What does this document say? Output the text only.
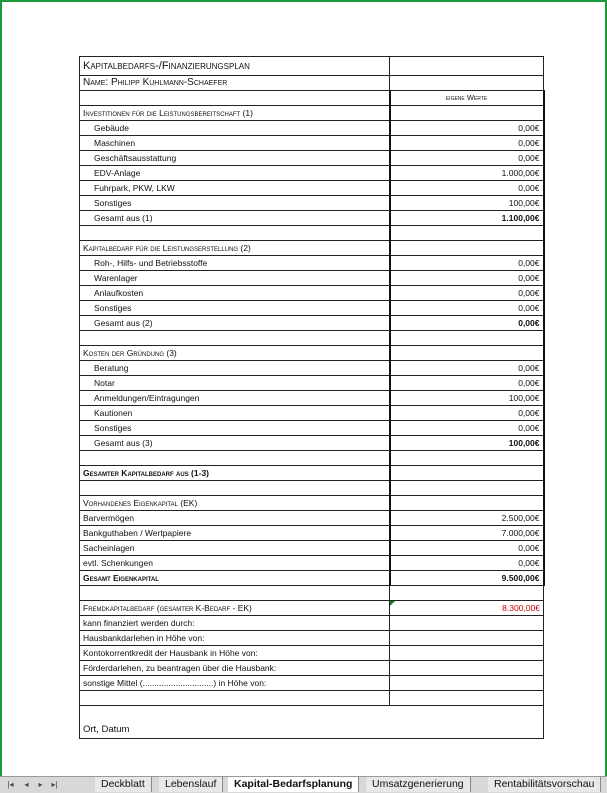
Kapitalbedarfs-/Finanzierungsplan	
Name: Philipp Kuhlmann-Schaefer	
	eigene Werte
Investitionen für die Leistungsbereitschaft (1)	
Gebäude	0,00€
Maschinen	0,00€
Geschäftsausstattung	0,00€
EDV-Anlage	1.000,00€
Fuhrpark, PKW, LKW	0,00€
Sonstiges	100,00€
Gesamt aus (1)	1.100,00€

Kapitalbedarf für die Leistungserstellung (2)	
Roh-, Hilfs- und Betriebsstoffe	0,00€
Warenlager	0,00€
Anlaufkosten	0,00€
Sonstiges	0,00€
Gesamt aus (2)	0,00€

Kosten der Gründung (3)	
Beratung	0,00€
Notar	0,00€
Anmeldungen/Eintragungen	100,00€
Kautionen	0,00€
Sonstiges	0,00€
Gesamt aus (3)	100,00€

Gesamter Kapitalbedarf aus (1-3)	

Vorhandenes Eigenkapital (EK)	
Barvermögen	2.500,00€
Bankguthaben / Wertpapiere	7.000,00€
Sacheinlagen	0,00€
evtl. Schenkungen	0,00€
Gesamt Eigenkapital	9.500,00€

Fremdkapitalbedarf (gesamter K-Bedarf - EK)	8.300,00€
kann finanziert werden durch:	
Hausbankdarlehen in Höhe von:	
Kontokorrentkredit der Hausbank in Höhe von:	
Förderdarlehen, zu beantragen über die Hausbank:	
sonstige Mittel (..............................) in Höhe von:	

Ort, Datum	
|◂	◂	▸	▸|	Deckblatt	Lebenslauf	Kapital-Bedarfsplanung	Umsatzgenerierung	Rentabilitätsvorschau
